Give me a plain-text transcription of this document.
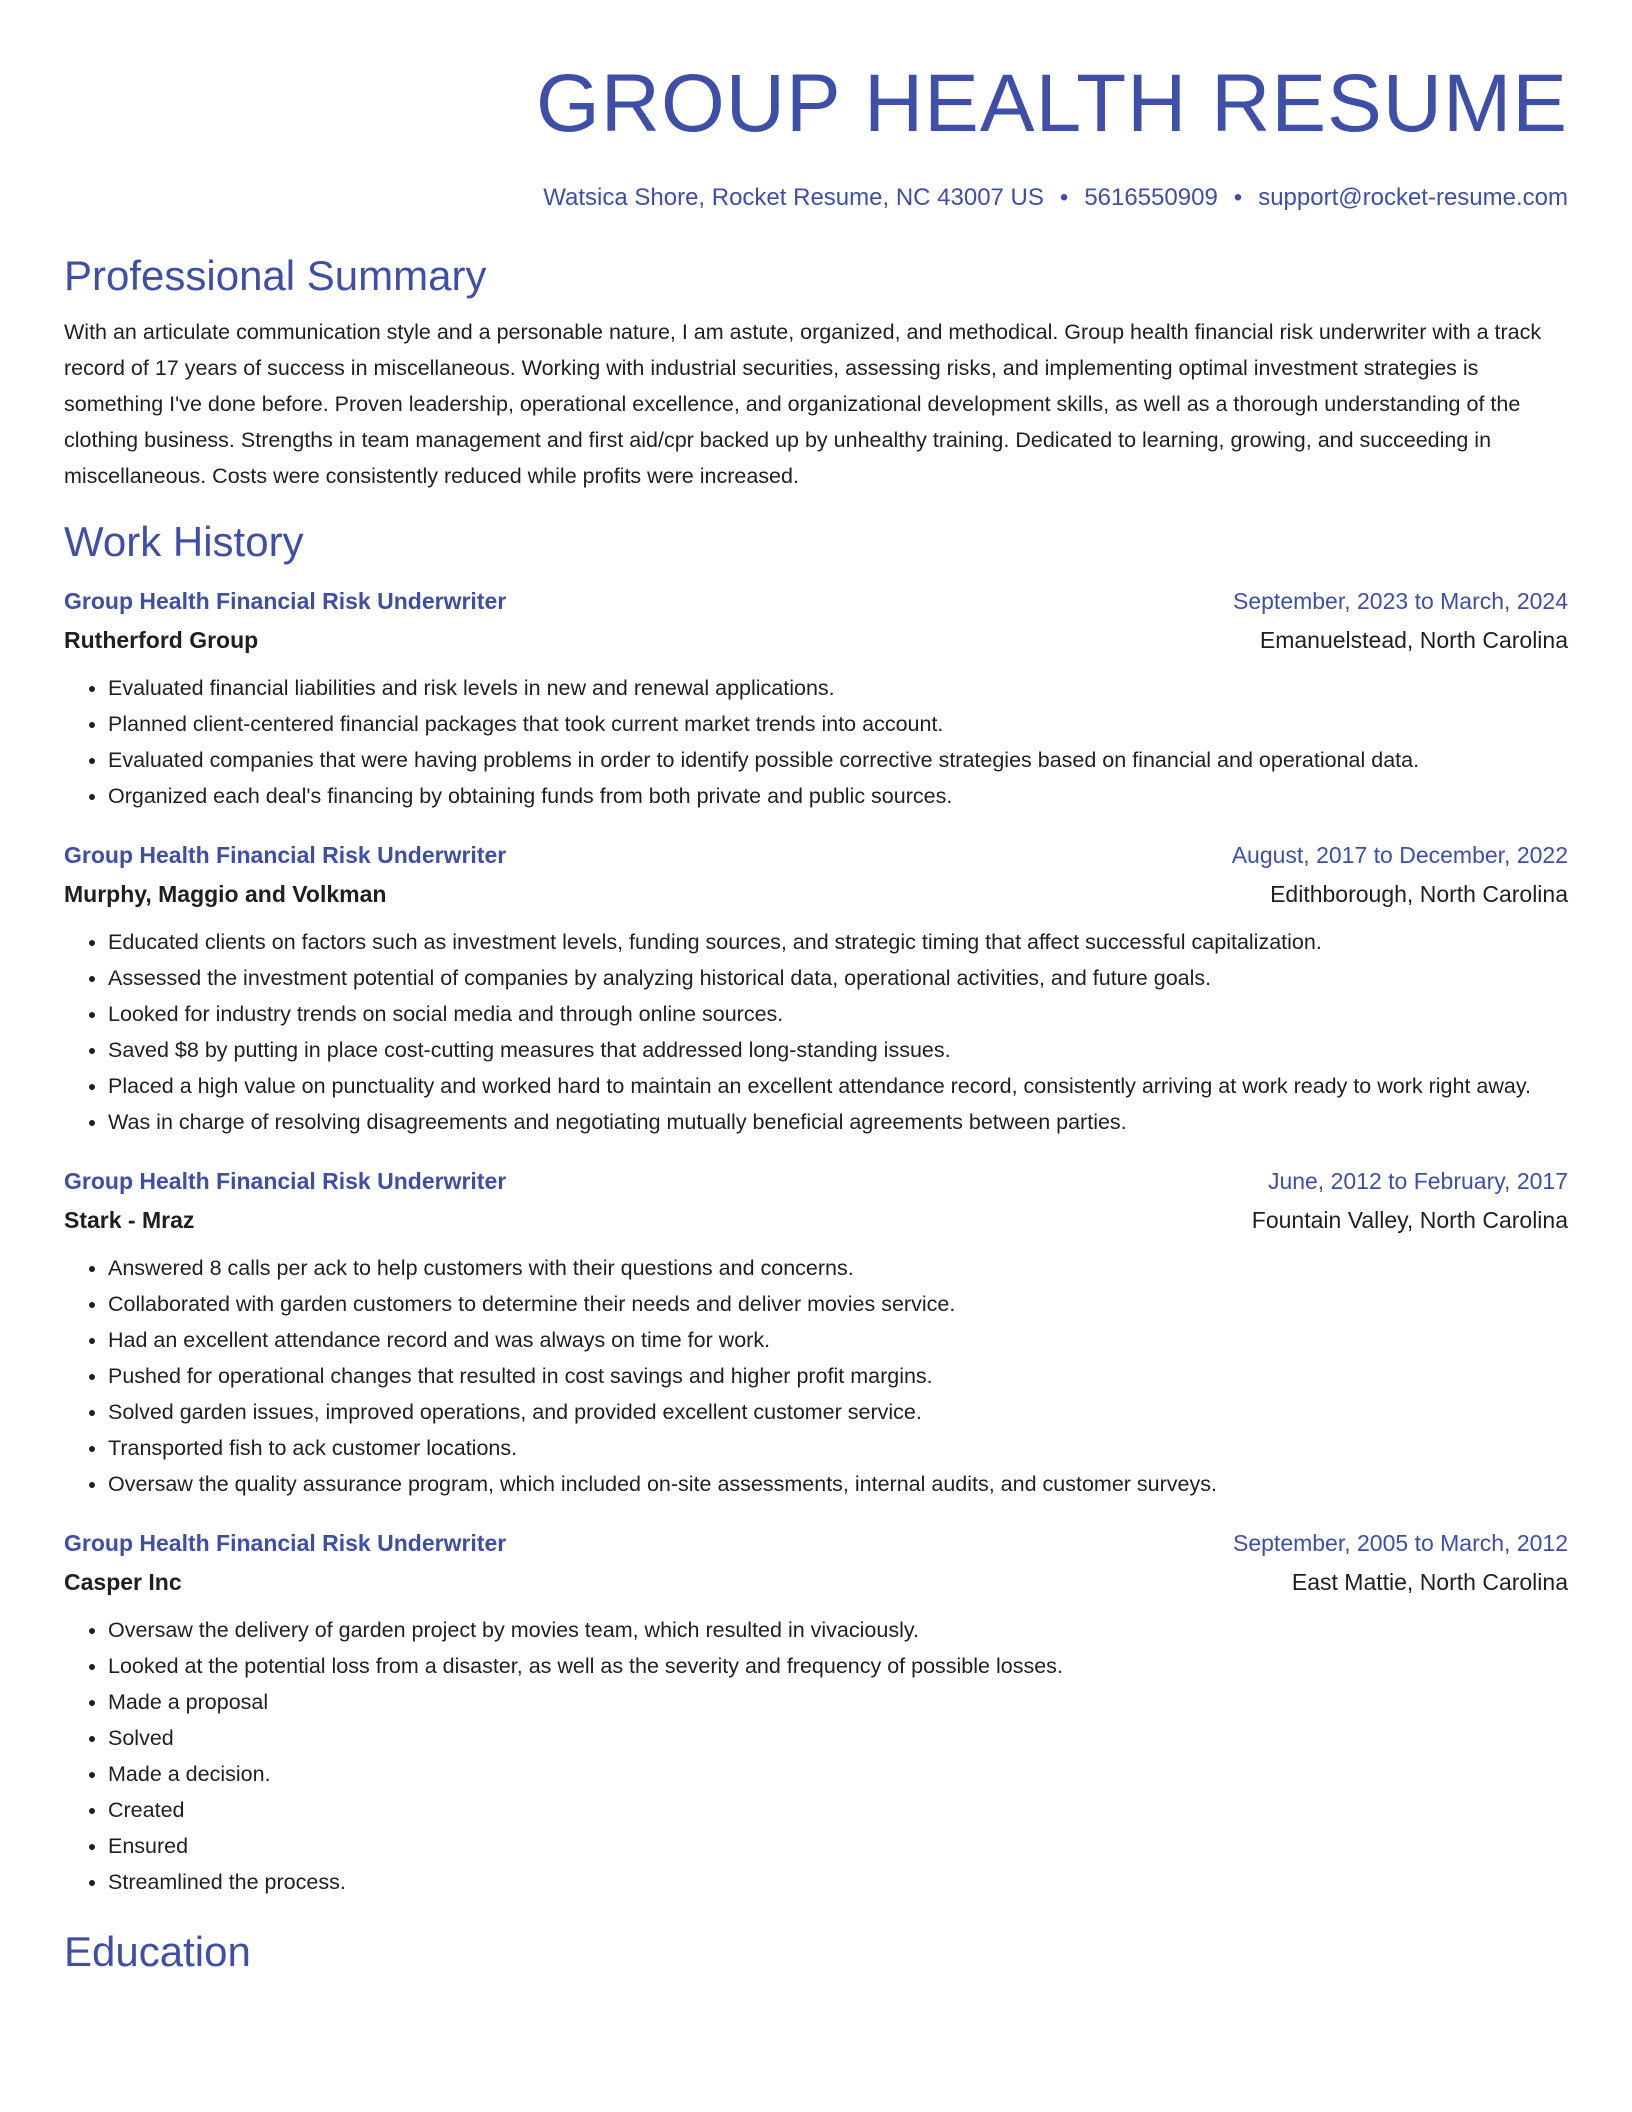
GROUP HEALTH RESUME
Watsica Shore, Rocket Resume, NC 43007 US • 5616550909 • support@rocket-resume.com
Professional Summary
With an articulate communication style and a personable nature, I am astute, organized, and methodical. Group health financial risk underwriter with a track record of 17 years of success in miscellaneous. Working with industrial securities, assessing risks, and implementing optimal investment strategies is something I've done before. Proven leadership, operational excellence, and organizational development skills, as well as a thorough understanding of the clothing business. Strengths in team management and first aid/cpr backed up by unhealthy training. Dedicated to learning, growing, and succeeding in miscellaneous. Costs were consistently reduced while profits were increased.
Work History
Group Health Financial Risk Underwriter	September, 2023 to March, 2024
Rutherford Group	Emanuelstead, North Carolina
• Evaluated financial liabilities and risk levels in new and renewal applications.
• Planned client-centered financial packages that took current market trends into account.
• Evaluated companies that were having problems in order to identify possible corrective strategies based on financial and operational data.
• Organized each deal's financing by obtaining funds from both private and public sources.
Group Health Financial Risk Underwriter	August, 2017 to December, 2022
Murphy, Maggio and Volkman	Edithborough, North Carolina
• Educated clients on factors such as investment levels, funding sources, and strategic timing that affect successful capitalization.
• Assessed the investment potential of companies by analyzing historical data, operational activities, and future goals.
• Looked for industry trends on social media and through online sources.
• Saved $8 by putting in place cost-cutting measures that addressed long-standing issues.
• Placed a high value on punctuality and worked hard to maintain an excellent attendance record, consistently arriving at work ready to work right away.
• Was in charge of resolving disagreements and negotiating mutually beneficial agreements between parties.
Group Health Financial Risk Underwriter	June, 2012 to February, 2017
Stark - Mraz	Fountain Valley, North Carolina
• Answered 8 calls per ack to help customers with their questions and concerns.
• Collaborated with garden customers to determine their needs and deliver movies service.
• Had an excellent attendance record and was always on time for work.
• Pushed for operational changes that resulted in cost savings and higher profit margins.
• Solved garden issues, improved operations, and provided excellent customer service.
• Transported fish to ack customer locations.
• Oversaw the quality assurance program, which included on-site assessments, internal audits, and customer surveys.
Group Health Financial Risk Underwriter	September, 2005 to March, 2012
Casper Inc	East Mattie, North Carolina
• Oversaw the delivery of garden project by movies team, which resulted in vivaciously.
• Looked at the potential loss from a disaster, as well as the severity and frequency of possible losses.
• Made a proposal
• Solved
• Made a decision.
• Created
• Ensured
• Streamlined the process.
Education
